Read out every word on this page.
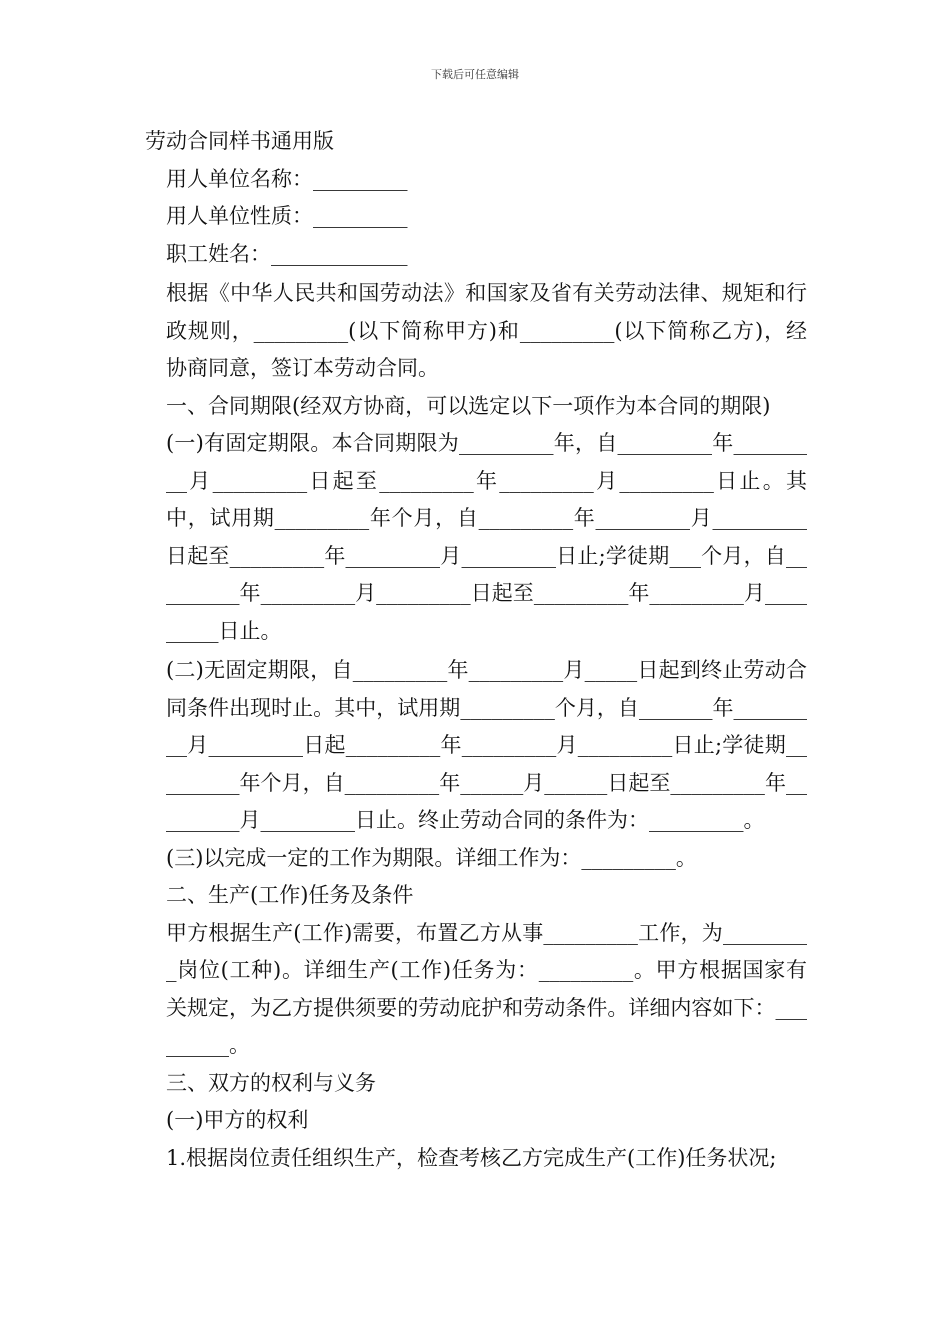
下载后可任意编辑
劳动合同样书通用版
用人单位名称：_________
用人单位性质：_________
职工姓名：_____________
根据《中华人民共和国劳动法》和国家及省有关劳动法律、规矩和行政规则，_________(以下简称甲方)和_________(以下简称乙方)，经协商同意，签订本劳动合同。
一、合同期限(经双方协商，可以选定以下一项作为本合同的期限)
(一)有固定期限。本合同期限为_________年，自_________年_________月_________日起至_________年_________月_________日止。其中，试用期_________年个月，自_________年_________月_________日起至_________年_________月_________日止;学徒期___个月，自_________年_________月_________日起至_________年_________月_________日止。
(二)无固定期限，自_________年_________月_____日起到终止劳动合同条件出现时止。其中，试用期_________个月，自_______年_________月_________日起_________年_________月_________日止;学徒期_________年个月，自_________年______月______日起至_________年_________月_________日止。终止劳动合同的条件为：_________。
(三)以完成一定的工作为期限。详细工作为：_________。
二、生产(工作)任务及条件
甲方根据生产(工作)需要，布置乙方从事_________工作，为_________岗位(工种)。详细生产(工作)任务为：_________。甲方根据国家有关规定，为乙方提供须要的劳动庇护和劳动条件。详细内容如下：_________。
三、双方的权利与义务
(一)甲方的权利
1.根据岗位责任组织生产，检查考核乙方完成生产(工作)任务状况;
